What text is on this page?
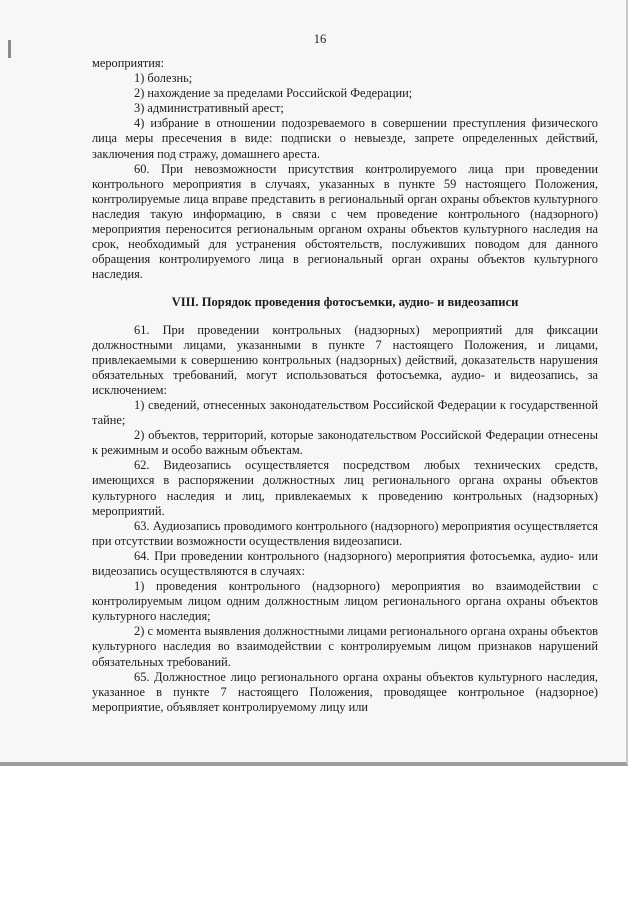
16

мероприятия:

1) болезнь;

2) нахождение за пределами Российской Федерации;

3) административный арест;

4) избрание в отношении подозреваемого в совершении преступления физического лица меры пресечения в виде: подписки о невыезде, запрете определенных действий, заключения под стражу, домашнего ареста.

60. При невозможности присутствия контролируемого лица при проведении контрольного мероприятия в случаях, указанных в пункте 59 настоящего Положения, контролируемые лица вправе представить в региональный орган охраны объектов культурного наследия такую информацию, в связи с чем проведение контрольного (надзорного) мероприятия переносится региональным органом охраны объектов культурного наследия на срок, необходимый для устранения обстоятельств, послуживших поводом для данного обращения контролируемого лица в региональный орган охраны объектов культурного наследия.

VIII. Порядок проведения фотосъемки, аудио- и видеозаписи

61. При проведении контрольных (надзорных) мероприятий для фиксации должностными лицами, указанными в пункте 7 настоящего Положения, и лицами, привлекаемыми к совершению контрольных (надзорных) действий, доказательств нарушения обязательных требований, могут использоваться фотосъемка, аудио- и видеозапись, за исключением:

1) сведений, отнесенных законодательством Российской Федерации к государственной тайне;

2) объектов, территорий, которые законодательством Российской Федерации отнесены к режимным и особо важным объектам.

62. Видеозапись осуществляется посредством любых технических средств, имеющихся в распоряжении должностных лиц регионального органа охраны объектов культурного наследия и лиц, привлекаемых к проведению контрольных (надзорных) мероприятий.

63. Аудиозапись проводимого контрольного (надзорного) мероприятия осуществляется при отсутствии возможности осуществления видеозаписи.

64. При проведении контрольного (надзорного) мероприятия фотосъемка, аудио- или видеозапись осуществляются в случаях:

1) проведения контрольного (надзорного) мероприятия во взаимодействии с контролируемым лицом одним должностным лицом регионального органа охраны объектов культурного наследия;

2) с момента выявления должностными лицами регионального органа охраны объектов культурного наследия во взаимодействии с контролируемым лицом признаков нарушений обязательных требований.

65. Должностное лицо регионального органа охраны объектов культурного наследия, указанное в пункте 7 настоящего Положения, проводящее контрольное (надзорное) мероприятие, объявляет контролируемому лицу или
